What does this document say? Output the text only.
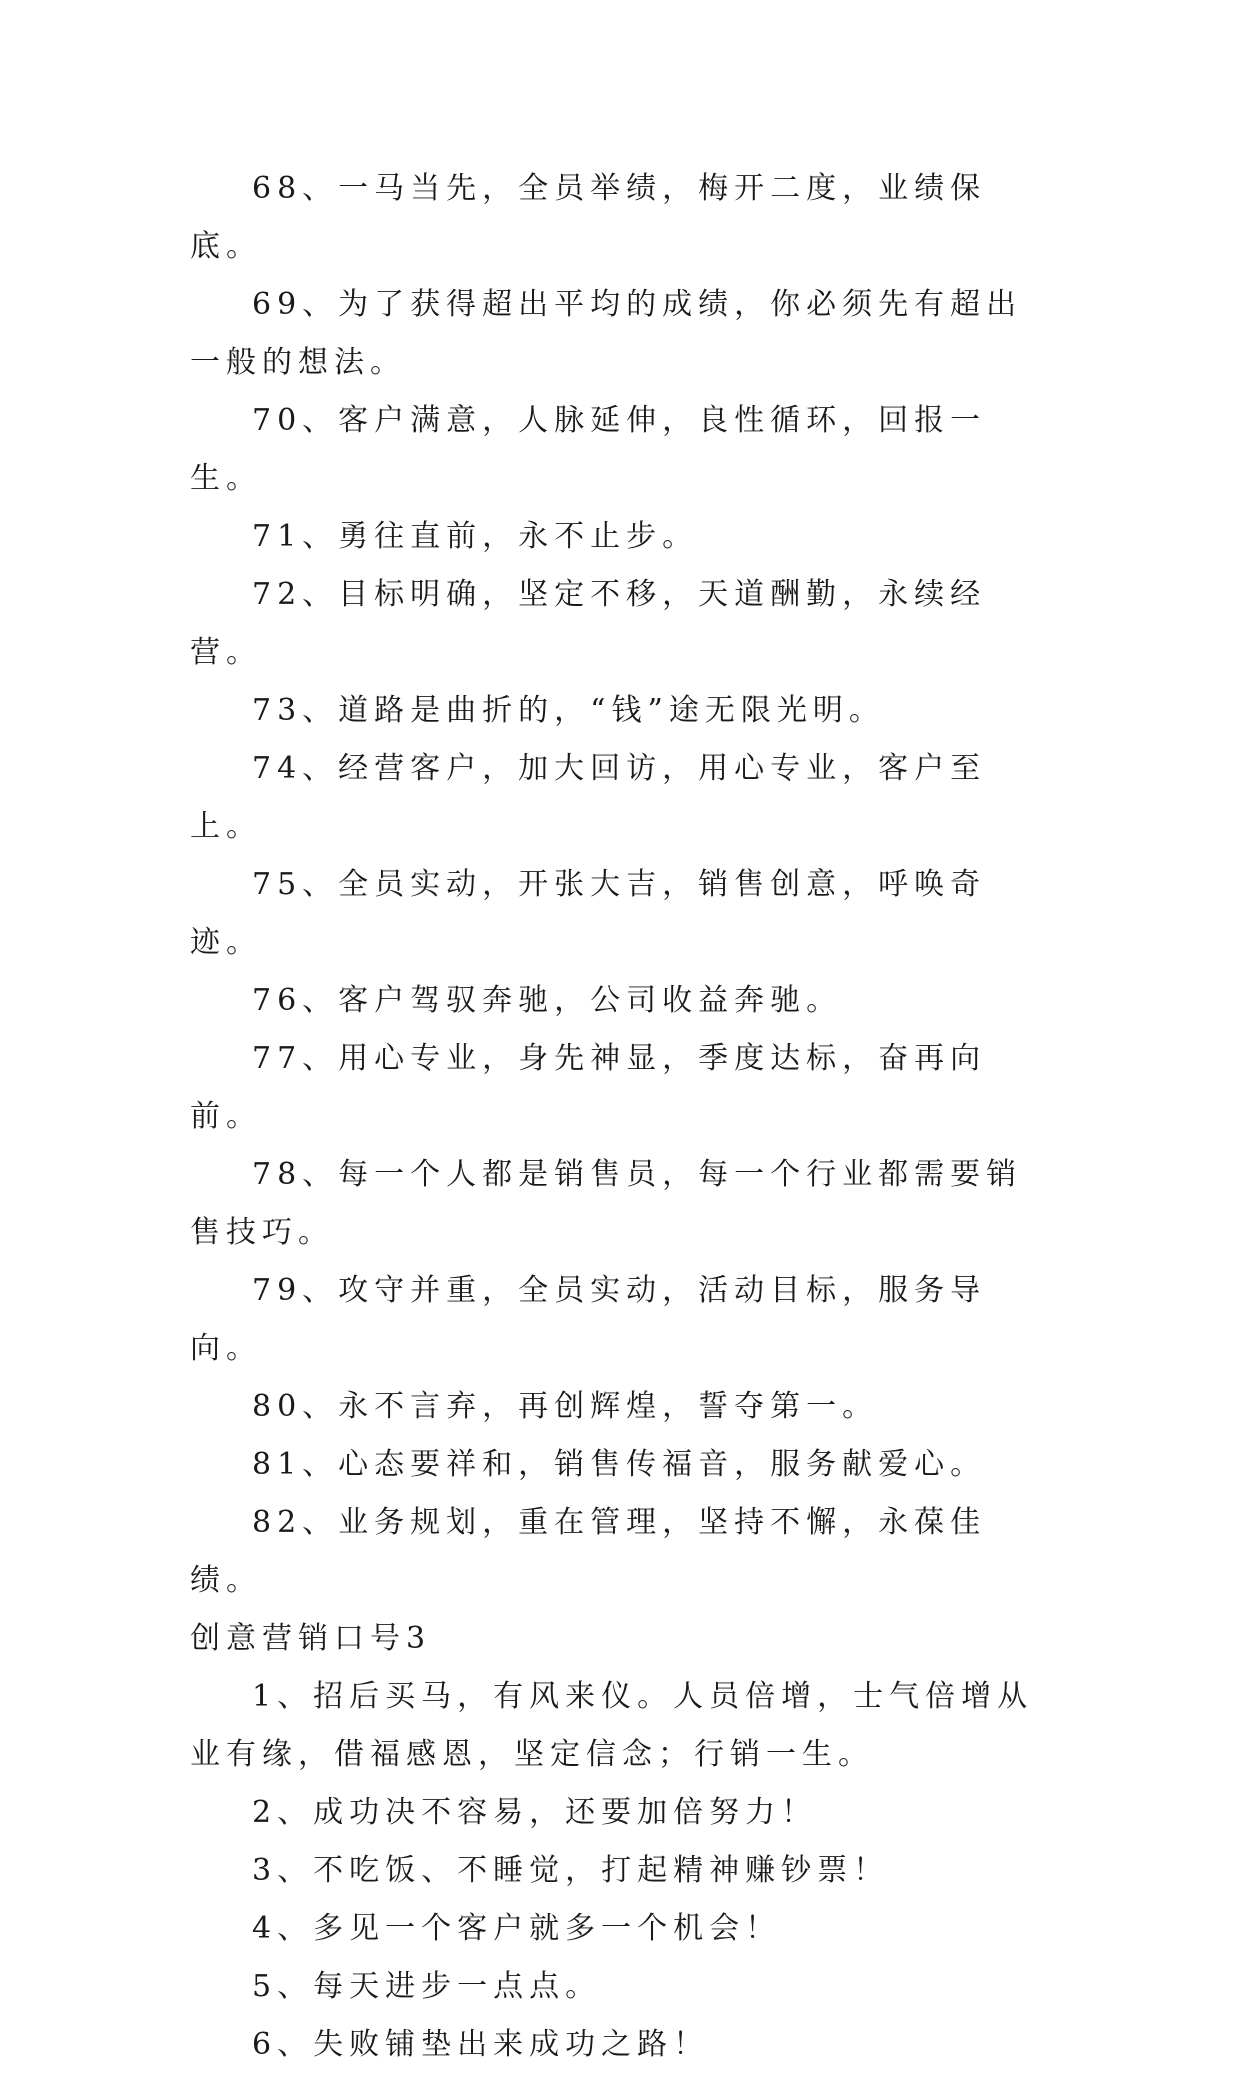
68、一马当先，全员举绩，梅开二度，业绩保底。

69、为了获得超出平均的成绩，你必须先有超出一般的想法。

70、客户满意，人脉延伸，良性循环，回报一生。

71、勇往直前，永不止步。

72、目标明确，坚定不移，天道酬勤，永续经营。

73、道路是曲折的，“钱”途无限光明。

74、经营客户，加大回访，用心专业，客户至上。

75、全员实动，开张大吉，销售创意，呼唤奇迹。

76、客户驾驭奔驰，公司收益奔驰。

77、用心专业，身先神显，季度达标，奋再向前。

78、每一个人都是销售员，每一个行业都需要销售技巧。

79、攻守并重，全员实动，活动目标，服务导向。

80、永不言弃，再创辉煌，誓夺第一。

81、心态要祥和，销售传福音，服务献爱心。

82、业务规划，重在管理，坚持不懈，永葆佳绩。

创意营销口号3

1、招后买马，有风来仪。人员倍增，士气倍增从业有缘，借福感恩，坚定信念；行销一生。

2、成功决不容易，还要加倍努力！

3、不吃饭、不睡觉，打起精神赚钞票！

4、多见一个客户就多一个机会！

5、每天进步一点点。

6、失败铺垫出来成功之路！
